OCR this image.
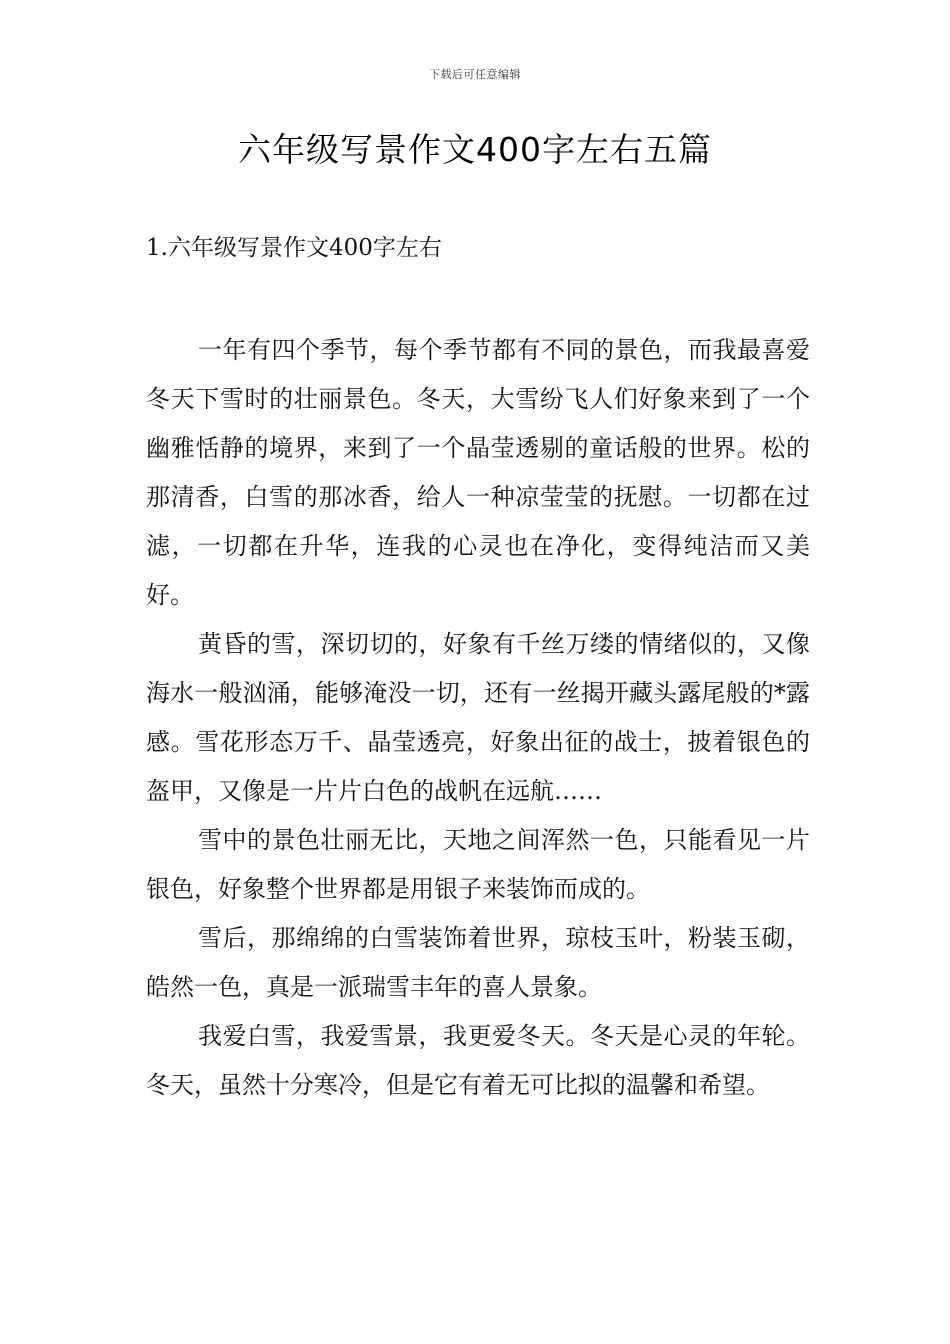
下载后可任意编辑
六年级写景作文400字左右五篇
1.六年级写景作文400字左右

一年有四个季节，每个季节都有不同的景色，而我最喜爱冬天下雪时的壮丽景色。冬天，大雪纷飞人们好象来到了一个幽雅恬静的境界，来到了一个晶莹透剔的童话般的世界。松的那清香，白雪的那冰香，给人一种凉莹莹的抚慰。一切都在过滤，一切都在升华，连我的心灵也在净化，变得纯洁而又美好。

黄昏的雪，深切切的，好象有千丝万缕的情绪似的，又像海水一般汹涌，能够淹没一切，还有一丝揭开藏头露尾般的*露感。雪花形态万千、晶莹透亮，好象出征的战士，披着银色的盔甲，又像是一片片白色的战帆在远航……

雪中的景色壮丽无比，天地之间浑然一色，只能看见一片银色，好象整个世界都是用银子来装饰而成的。

雪后，那绵绵的白雪装饰着世界，琼枝玉叶，粉装玉砌，皓然一色，真是一派瑞雪丰年的喜人景象。

我爱白雪，我爱雪景，我更爱冬天。冬天是心灵的年轮。冬天，虽然十分寒冷，但是它有着无可比拟的温馨和希望。
